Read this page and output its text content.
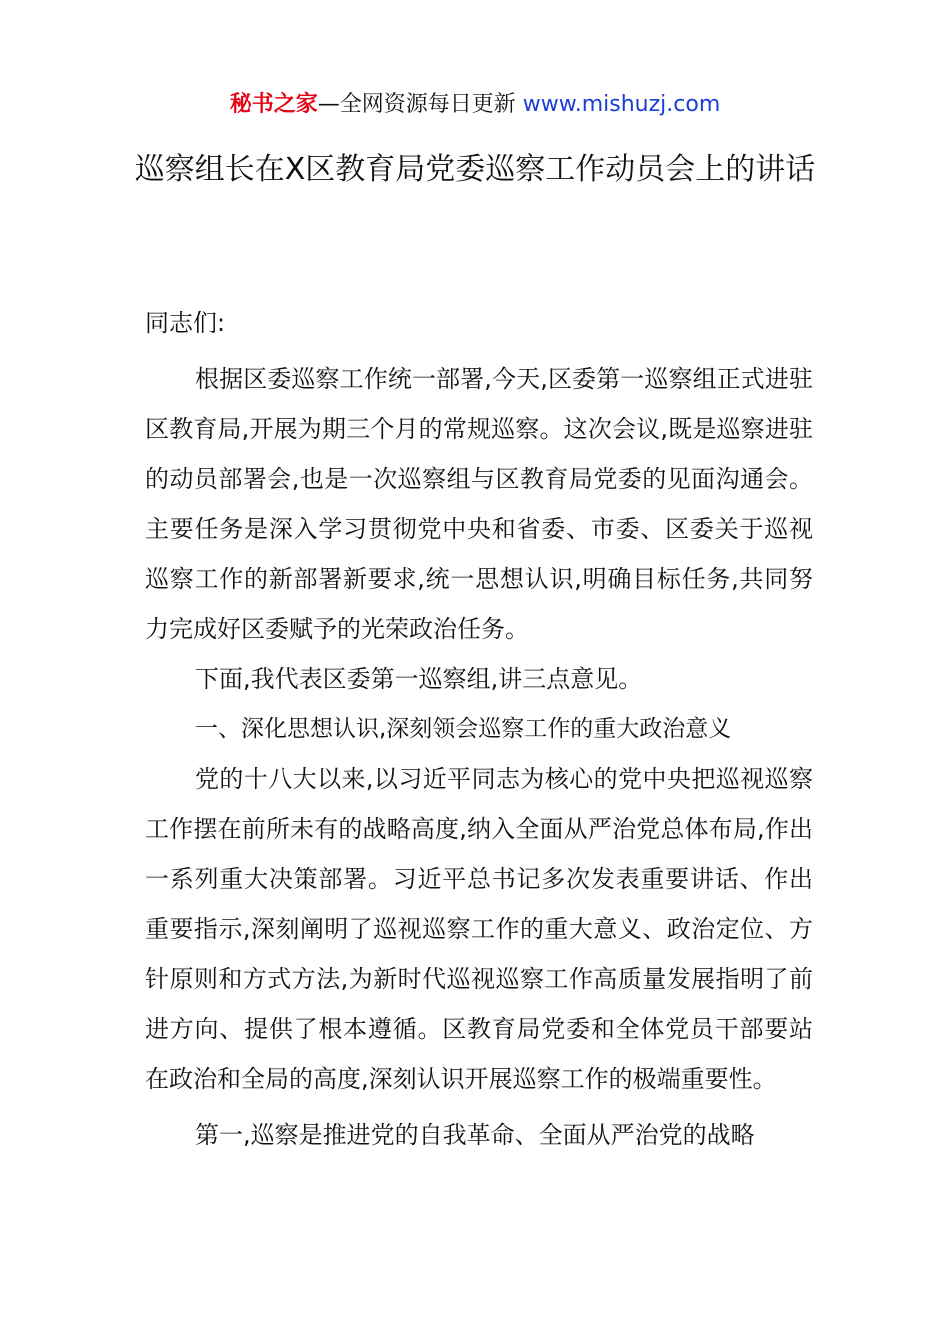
秘书之家—全网资源每日更新 www.mishuzj.com
巡察组长在X区教育局党委巡察工作动员会上的讲话

同志们:

根据区委巡察工作统一部署,今天,区委第一巡察组正式进驻区教育局,开展为期三个月的常规巡察。这次会议,既是巡察进驻的动员部署会,也是一次巡察组与区教育局党委的见面沟通会。主要任务是深入学习贯彻党中央和省委、市委、区委关于巡视巡察工作的新部署新要求,统一思想认识,明确目标任务,共同努力完成好区委赋予的光荣政治任务。

下面,我代表区委第一巡察组,讲三点意见。

一、深化思想认识,深刻领会巡察工作的重大政治意义

党的十八大以来,以习近平同志为核心的党中央把巡视巡察工作摆在前所未有的战略高度,纳入全面从严治党总体布局,作出一系列重大决策部署。习近平总书记多次发表重要讲话、作出重要指示,深刻阐明了巡视巡察工作的重大意义、政治定位、方针原则和方式方法,为新时代巡视巡察工作高质量发展指明了前进方向、提供了根本遵循。区教育局党委和全体党员干部要站在政治和全局的高度,深刻认识开展巡察工作的极端重要性。

第一,巡察是推进党的自我革命、全面从严治党的战略
